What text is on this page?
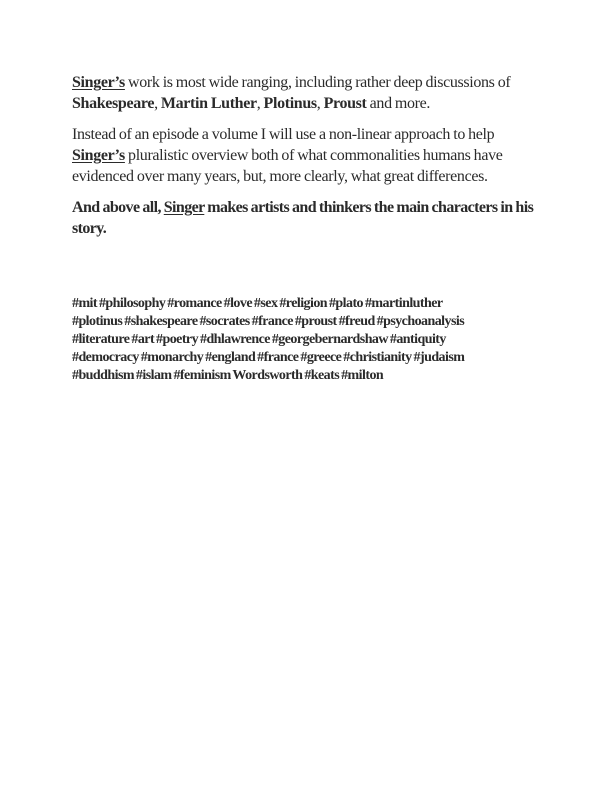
Singer’s work is most wide ranging, including rather deep discussions of Shakespeare, Martin Luther, Plotinus, Proust and more.

Instead of an episode a volume I will use a non-linear approach to help Singer’s pluralistic overview both of what commonalities humans have evidenced over many years, but, more clearly, what great differences.

And above all, Singer makes artists and thinkers the main characters in his story.

#mit #philosophy #romance #love #sex #religion #plato #martinluther
#plotinus #shakespeare #socrates #france #proust #freud #psychoanalysis
#literature #art #poetry #dhlawrence #georgebernardshaw #antiquity
#democracy #monarchy #england #france #greece #christianity #judaism
#buddhism #islam #feminism Wordsworth #keats #milton
